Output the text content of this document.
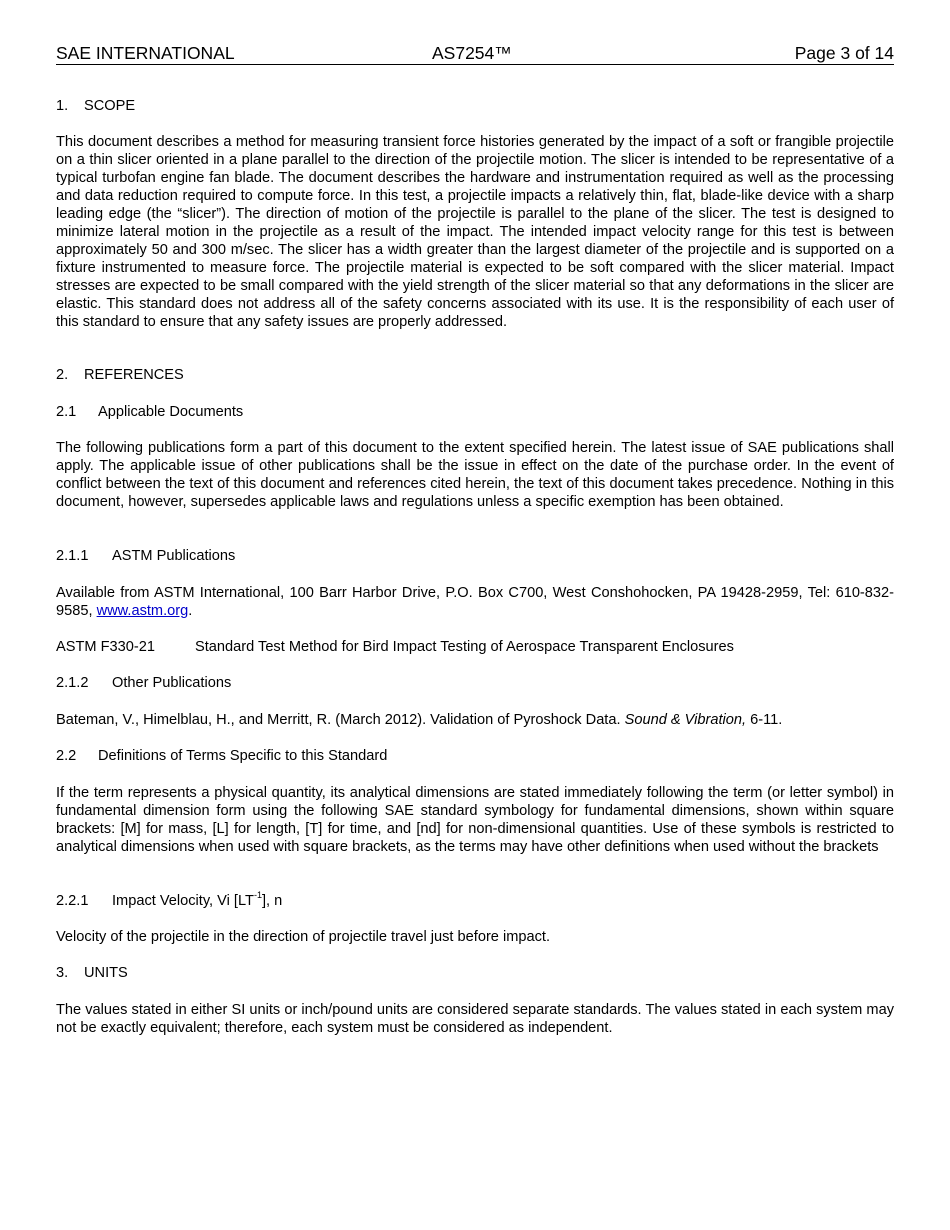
SAE INTERNATIONAL	AS7254™	Page 3 of 14
1. SCOPE
This document describes a method for measuring transient force histories generated by the impact of a soft or frangible projectile on a thin slicer oriented in a plane parallel to the direction of the projectile motion. The slicer is intended to be representative of a typical turbofan engine fan blade. The document describes the hardware and instrumentation required as well as the processing and data reduction required to compute force. In this test, a projectile impacts a relatively thin, flat, blade-like device with a sharp leading edge (the “slicer”). The direction of motion of the projectile is parallel to the plane of the slicer. The test is designed to minimize lateral motion in the projectile as a result of the impact. The intended impact velocity range for this test is between approximately 50 and 300 m/sec. The slicer has a width greater than the largest diameter of the projectile and is supported on a fixture instrumented to measure force. The projectile material is expected to be soft compared with the slicer material. Impact stresses are expected to be small compared with the yield strength of the slicer material so that any deformations in the slicer are elastic. This standard does not address all of the safety concerns associated with its use. It is the responsibility of each user of this standard to ensure that any safety issues are properly addressed.
2. REFERENCES
2.1 Applicable Documents
The following publications form a part of this document to the extent specified herein. The latest issue of SAE publications shall apply. The applicable issue of other publications shall be the issue in effect on the date of the purchase order. In the event of conflict between the text of this document and references cited herein, the text of this document takes precedence. Nothing in this document, however, supersedes applicable laws and regulations unless a specific exemption has been obtained.
2.1.1 ASTM Publications
Available from ASTM International, 100 Barr Harbor Drive, P.O. Box C700, West Conshohocken, PA 19428-2959, Tel: 610-832-9585, www.astm.org.
ASTM F330-21	Standard Test Method for Bird Impact Testing of Aerospace Transparent Enclosures
2.1.2 Other Publications
Bateman, V., Himelblau, H., and Merritt, R. (March 2012). Validation of Pyroshock Data. Sound & Vibration, 6-11.
2.2 Definitions of Terms Specific to this Standard
If the term represents a physical quantity, its analytical dimensions are stated immediately following the term (or letter symbol) in fundamental dimension form using the following SAE standard symbology for fundamental dimensions, shown within square brackets: [M] for mass, [L] for length, [T] for time, and [nd] for non-dimensional quantities. Use of these symbols is restricted to analytical dimensions when used with square brackets, as the terms may have other definitions when used without the brackets
2.2.1 Impact Velocity, Vi $[LT^{-1}]$, n
Velocity of the projectile in the direction of projectile travel just before impact.
3. UNITS
The values stated in either SI units or inch/pound units are considered separate standards. The values stated in each system may not be exactly equivalent; therefore, each system must be considered as independent.
